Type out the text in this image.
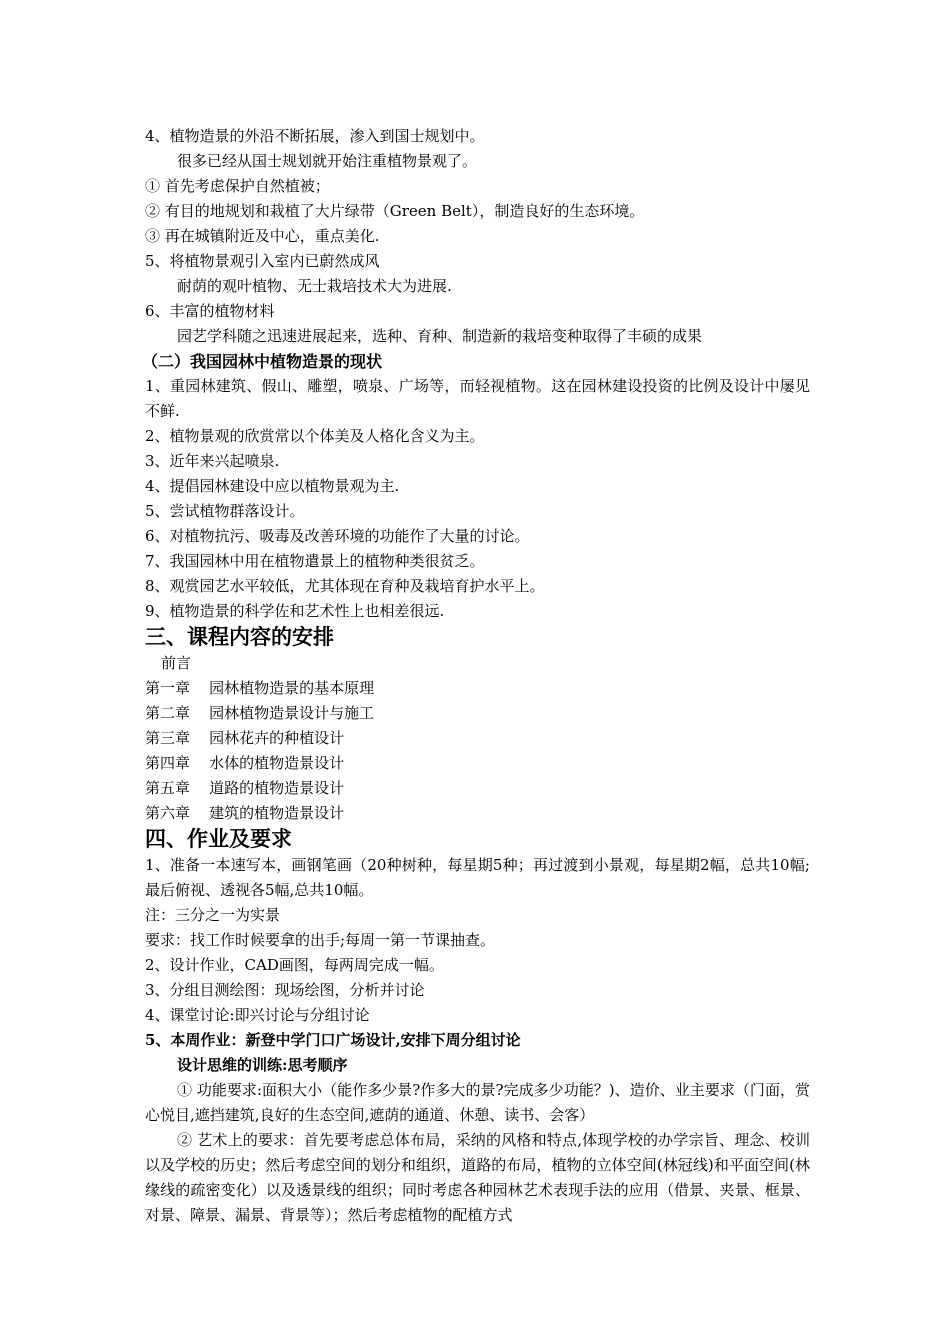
4、植物造景的外沿不断拓展，渗入到国士规划中。
很多已经从国士规划就开始注重植物景观了。
① 首先考虑保护自然植被；
② 有目的地规划和栽植了大片绿带（Green Belt），制造良好的生态环境。
③ 再在城镇附近及中心，重点美化.
5、将植物景观引入室内已蔚然成风
耐荫的观叶植物、无士栽培技术大为进展.
6、丰富的植物材料
园艺学科随之迅速进展起来，选种、育种、制造新的栽培变种取得了丰硕的成果
（二）我国园林中植物造景的现状
1、重园林建筑、假山、雕塑，喷泉、广场等，而轻视植物。这在园林建设投资的比例及设计中屡见不鲜.
2、植物景观的欣赏常以个体美及人格化含义为主。
3、近年来兴起喷泉.
4、提倡园林建设中应以植物景观为主.
5、尝试植物群落设计。
6、对植物抗污、吸毒及改善环境的功能作了大量的讨论。
7、我国园林中用在植物遣景上的植物种类很贫乏。
8、观赏园艺水平较低，尤其体现在育种及栽培育护水平上。
9、植物造景的科学佐和艺术性上也相差很远.
三、课程内容的安排
前言
第一章    园林植物造景的基本原理
第二章    园林植物造景设计与施工
第三章    园林花卉的种植设计
第四章    水体的植物造景设计
第五章    道路的植物造景设计
第六章    建筑的植物造景设计
四、作业及要求
1、准备一本速写本，画钢笔画（20种树种，每星期5种；再过渡到小景观，每星期2幅，总共10幅;最后俯视、透视各5幅,总共10幅。
注：三分之一为实景
要求：找工作时候要拿的出手;每周一第一节课抽查。
2、设计作业，CAD画图，每两周完成一幅。
3、分组目测绘图：现场绘图，分析并讨论
4、课堂讨论:即兴讨论与分组讨论
5、本周作业：新登中学门口广场设计,安排下周分组讨论
设计思维的训练:思考顺序
① 功能要求:面积大小（能作多少景?作多大的景?完成多少功能？)、造价、业主要求（门面，赏心悦目,遮挡建筑,良好的生态空间,遮荫的通道、休憩、读书、会客）
② 艺术上的要求：首先要考虑总体布局，采纳的风格和特点,体现学校的办学宗旨、理念、校训以及学校的历史；然后考虑空间的划分和组织，道路的布局，植物的立体空间(林冠线)和平面空间(林缘线的疏密变化）以及透景线的组织；同时考虑各种园林艺术表现手法的应用（借景、夹景、框景、对景、障景、漏景、背景等）；然后考虑植物的配植方式
